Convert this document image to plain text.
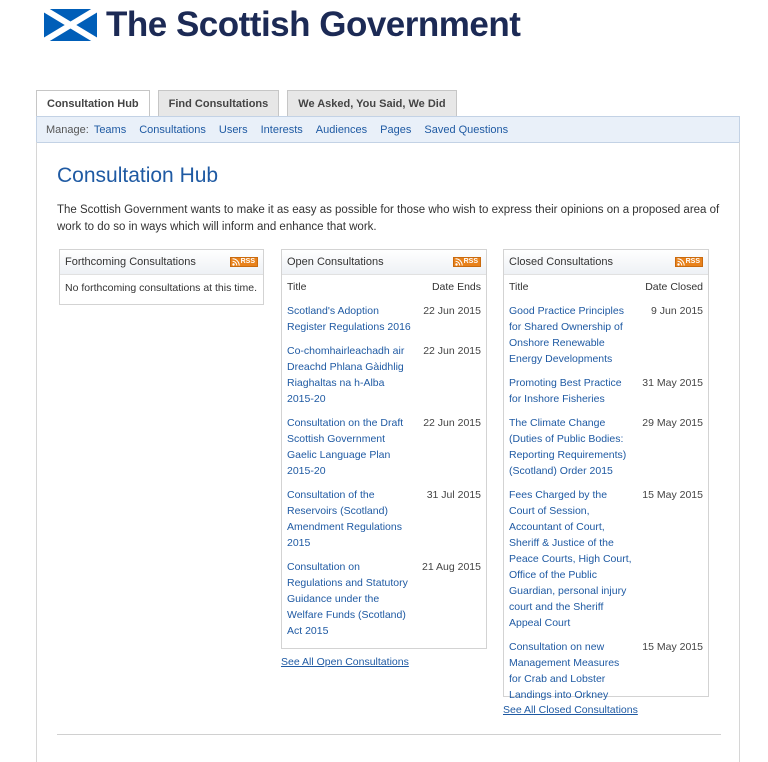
The Scottish Government
Consultation Hub	Find Consultations	We Asked, You Said, We Did
Manage: Teams Consultations Users Interests Audiences Pages Saved Questions
Consultation Hub

The Scottish Government wants to make it as easy as possible for those who wish to express their opinions on a proposed area of work to do so in ways which will inform and enhance that work.

Forthcoming Consultations	RSS
No forthcoming consultations at this time.
Open Consultations	RSS
Title	Date Ends
Scotland's Adoption Register Regulations 2016
22 Jun 2015
Co-chomhairleachadh air Dreachd Phlana Gàidhlig Riaghaltas na h-Alba 2015-20
22 Jun 2015
Consultation on the Draft Scottish Government Gaelic Language Plan 2015-20
22 Jun 2015
Consultation of the Reservoirs (Scotland) Amendment Regulations 2015
31 Jul 2015
Consultation on Regulations and Statutory Guidance under the Welfare Funds (Scotland) Act 2015
21 Aug 2015
See All Open Consultations
Closed Consultations	RSS
Title	Date Closed
Good Practice Principles for Shared Ownership of Onshore Renewable Energy Developments
9 Jun 2015
Promoting Best Practice for Inshore Fisheries
31 May 2015
The Climate Change (Duties of Public Bodies: Reporting Requirements) (Scotland) Order 2015
29 May 2015
Fees Charged by the Court of Session, Accountant of Court, Sheriff & Justice of the Peace Courts, High Court, Office of the Public Guardian, personal injury court and the Sheriff Appeal Court
15 May 2015
Consultation on new Management Measures for Crab and Lobster Landings into Orkney
15 May 2015
See All Closed Consultations
